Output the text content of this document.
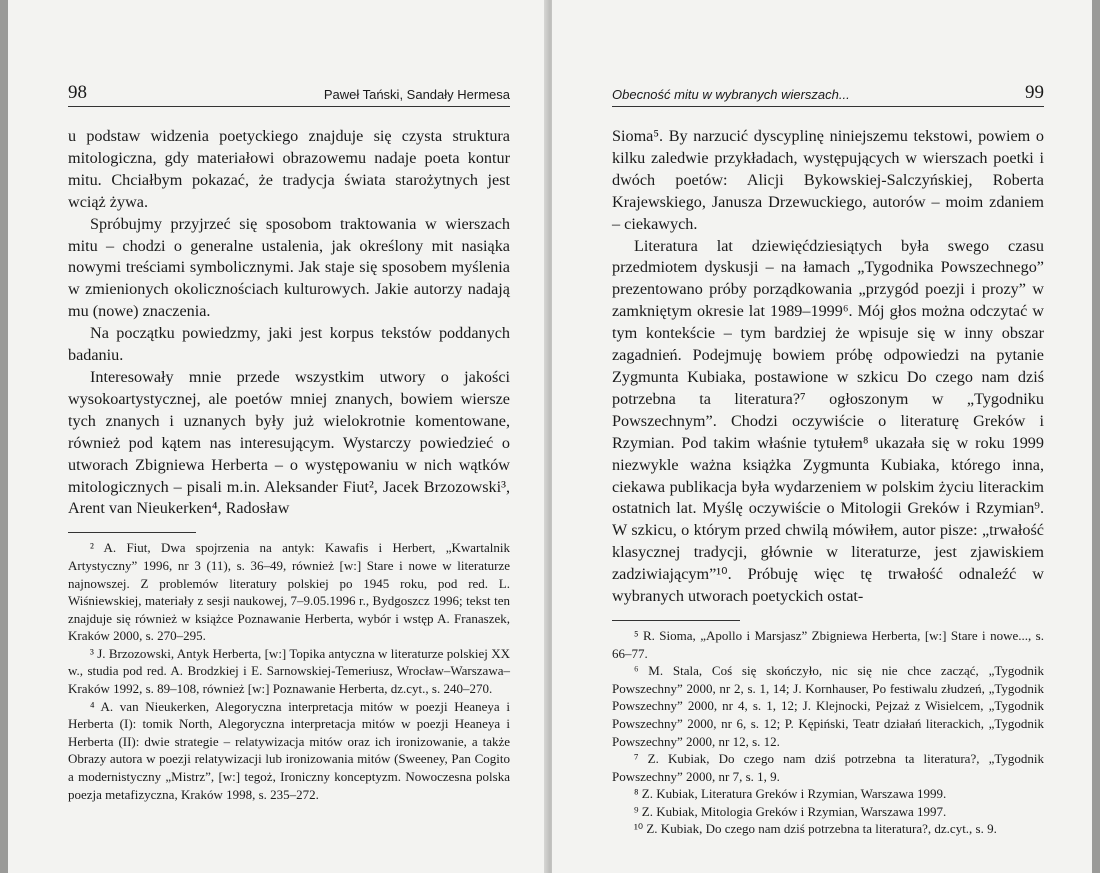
98	Paweł Tański, Sandały Hermesa

u podstaw widzenia poetyckiego znajduje się czysta struktura mitologiczna, gdy materiałowi obrazowemu nadaje poeta kontur mitu. Chciałbym pokazać, że tradycja świata starożytnych jest wciąż żywa.

Spróbujmy przyjrzeć się sposobom traktowania w wierszach mitu – chodzi o generalne ustalenia, jak określony mit nasiąka nowymi treściami symbolicznymi. Jak staje się sposobem myślenia w zmienionych okolicznościach kulturowych. Jakie autorzy nadają mu (nowe) znaczenia.

Na początku powiedzmy, jaki jest korpus tekstów poddanych badaniu.

Interesowały mnie przede wszystkim utwory o jakości wysokoartystycznej, ale poetów mniej znanych, bowiem wiersze tych znanych i uznanych były już wielokrotnie komentowane, również pod kątem nas interesującym. Wystarczy powiedzieć o utworach Zbigniewa Herberta – o występowaniu w nich wątków mitologicznych – pisali m.in. Aleksander Fiut², Jacek Brzozowski³, Arent van Nieukerken⁴, Radosław

² A. Fiut, Dwa spojrzenia na antyk: Kawafis i Herbert, „Kwartalnik Artystyczny” 1996, nr 3 (11), s. 36–49, również [w:] Stare i nowe w literaturze najnowszej. Z problemów literatury polskiej po 1945 roku, pod red. L. Wiśniewskiej, materiały z sesji naukowej, 7–9.05.1996 r., Bydgoszcz 1996; tekst ten znajduje się również w książce Poznawanie Herberta, wybór i wstęp A. Franaszek, Kraków 2000, s. 270–295.

³ J. Brzozowski, Antyk Herberta, [w:] Topika antyczna w literaturze polskiej XX w., studia pod red. A. Brodzkiej i E. Sarnowskiej-Temeriusz, Wrocław–Warszawa–Kraków 1992, s. 89–108, również [w:] Poznawanie Herberta, dz.cyt., s. 240–270.

⁴ A. van Nieukerken, Alegoryczna interpretacja mitów w poezji Heaneya i Herberta (I): tomik North, Alegoryczna interpretacja mitów w poezji Heaneya i Herberta (II): dwie strategie – relatywizacja mitów oraz ich ironizowanie, a także Obrazy autora w poezji relatywizacji lub ironizowania mitów (Sweeney, Pan Cogito a modernistyczny „Mistrz”, [w:] tegoż, Ironiczny konceptyzm. Nowoczesna polska poezja metafizyczna, Kraków 1998, s. 235–272.

Obecność mitu w wybranych wierszach...	99

Sioma⁵. By narzucić dyscyplinę niniejszemu tekstowi, powiem o kilku zaledwie przykładach, występujących w wierszach poetki i dwóch poetów: Alicji Bykowskiej-Salczyńskiej, Roberta Krajewskiego, Janusza Drzewuckiego, autorów – moim zdaniem – ciekawych.

Literatura lat dziewięćdziesiątych była swego czasu przedmiotem dyskusji – na łamach „Tygodnika Powszechnego” prezentowano próby porządkowania „przygód poezji i prozy” w zamkniętym okresie lat 1989–1999⁶. Mój głos można odczytać w tym kontekście – tym bardziej że wpisuje się w inny obszar zagadnień. Podejmuję bowiem próbę odpowiedzi na pytanie Zygmunta Kubiaka, postawione w szkicu Do czego nam dziś potrzebna ta literatura?⁷ ogłoszonym w „Tygodniku Powszechnym”. Chodzi oczywiście o literaturę Greków i Rzymian. Pod takim właśnie tytułem⁸ ukazała się w roku 1999 niezwykle ważna książka Zygmunta Kubiaka, którego inna, ciekawa publikacja była wydarzeniem w polskim życiu literackim ostatnich lat. Myślę oczywiście o Mitologii Greków i Rzymian⁹. W szkicu, o którym przed chwilą mówiłem, autor pisze: „trwałość klasycznej tradycji, głównie w literaturze, jest zjawiskiem zadziwiającym”¹⁰. Próbuję więc tę trwałość odnaleźć w wybranych utworach poetyckich ostat-

⁵ R. Sioma, „Apollo i Marsjasz” Zbigniewa Herberta, [w:] Stare i nowe..., s. 66–77.

⁶ M. Stala, Coś się skończyło, nic się nie chce zacząć, „Tygodnik Powszechny” 2000, nr 2, s. 1, 14; J. Kornhauser, Po festiwalu złudzeń, „Tygodnik Powszechny” 2000, nr 4, s. 1, 12; J. Klejnocki, Pejzaż z Wisielcem, „Tygodnik Powszechny” 2000, nr 6, s. 12; P. Kępiński, Teatr działań literackich, „Tygodnik Powszechny” 2000, nr 12, s. 12.

⁷ Z. Kubiak, Do czego nam dziś potrzebna ta literatura?, „Tygodnik Powszechny” 2000, nr 7, s. 1, 9.

⁸ Z. Kubiak, Literatura Greków i Rzymian, Warszawa 1999.

⁹ Z. Kubiak, Mitologia Greków i Rzymian, Warszawa 1997.

¹⁰ Z. Kubiak, Do czego nam dziś potrzebna ta literatura?, dz.cyt., s. 9.
